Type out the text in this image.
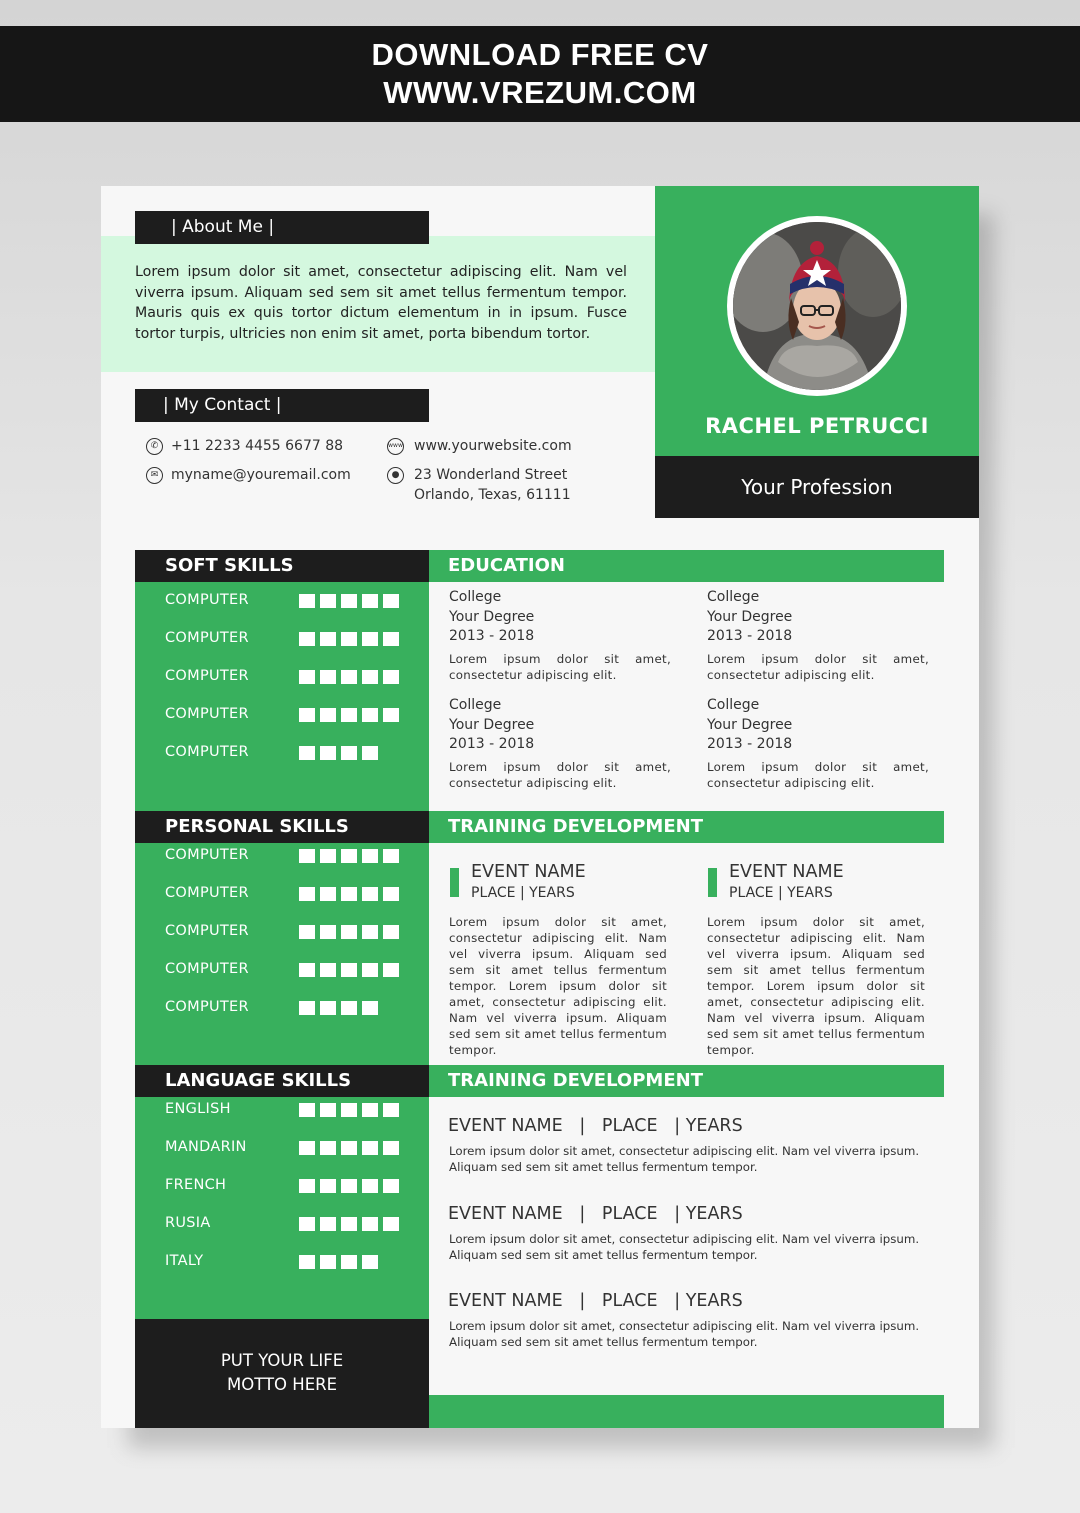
DOWNLOAD FREE CV
WWW.VREZUM.COM
| About Me |
Lorem ipsum dolor sit amet, consectetur adipiscing elit. Nam vel viverra ipsum. Aliquam sed sem sit amet tellus fermentum tempor. Mauris quis ex quis tortor dictum elementum in in ipsum. Fusce tortor turpis, ultricies non enim sit amet, porta bibendum tortor.
RACHEL PETRUCCI
Your Profession
| My Contact |
✆ +11 2233 4455 6677 88
✉ myname@youremail.com
www www.yourwebsite.com
●	23 Wonderland Street
Orlando, Texas, 61111
SOFT SKILLS
COMPUTER
COMPUTER
COMPUTER
COMPUTER
COMPUTER
PERSONAL SKILLS
COMPUTER
COMPUTER
COMPUTER
COMPUTER
COMPUTER
LANGUAGE SKILLS
ENGLISH
MANDARIN
FRENCH
RUSIA
ITALY
PUT YOUR LIFE
MOTTO HERE
EDUCATION
College
Your Degree
2013 - 2018
Lorem ipsum dolor sit amet, consectetur adipiscing elit.
College
Your Degree
2013 - 2018
Lorem ipsum dolor sit amet, consectetur adipiscing elit.
College
Your Degree
2013 - 2018
Lorem ipsum dolor sit amet, consectetur adipiscing elit.
College
Your Degree
2013 - 2018
Lorem ipsum dolor sit amet, consectetur adipiscing elit.
TRAINING DEVELOPMENT
EVENT NAME
PLACE | YEARS
Lorem ipsum dolor sit amet, consectetur adipiscing elit. Nam vel viverra ipsum. Aliquam sed sem sit amet tellus fermentum tempor. Lorem ipsum dolor sit amet, consectetur adipiscing elit. Nam vel viverra ipsum. Aliquam sed sem sit amet tellus fermentum tempor.
EVENT NAME
PLACE | YEARS
Lorem ipsum dolor sit amet, consectetur adipiscing elit. Nam vel viverra ipsum. Aliquam sed sem sit amet tellus fermentum tempor. Lorem ipsum dolor sit amet, consectetur adipiscing elit. Nam vel viverra ipsum. Aliquam sed sem sit amet tellus fermentum tempor.
TRAINING DEVELOPMENT
EVENT NAME   |   PLACE   | YEARS
Lorem ipsum dolor sit amet, consectetur adipiscing elit. Nam vel viverra ipsum. Aliquam sed sem sit amet tellus fermentum tempor.
EVENT NAME   |   PLACE   | YEARS
Lorem ipsum dolor sit amet, consectetur adipiscing elit. Nam vel viverra ipsum. Aliquam sed sem sit amet tellus fermentum tempor.
EVENT NAME   |   PLACE   | YEARS
Lorem ipsum dolor sit amet, consectetur adipiscing elit. Nam vel viverra ipsum. Aliquam sed sem sit amet tellus fermentum tempor.
